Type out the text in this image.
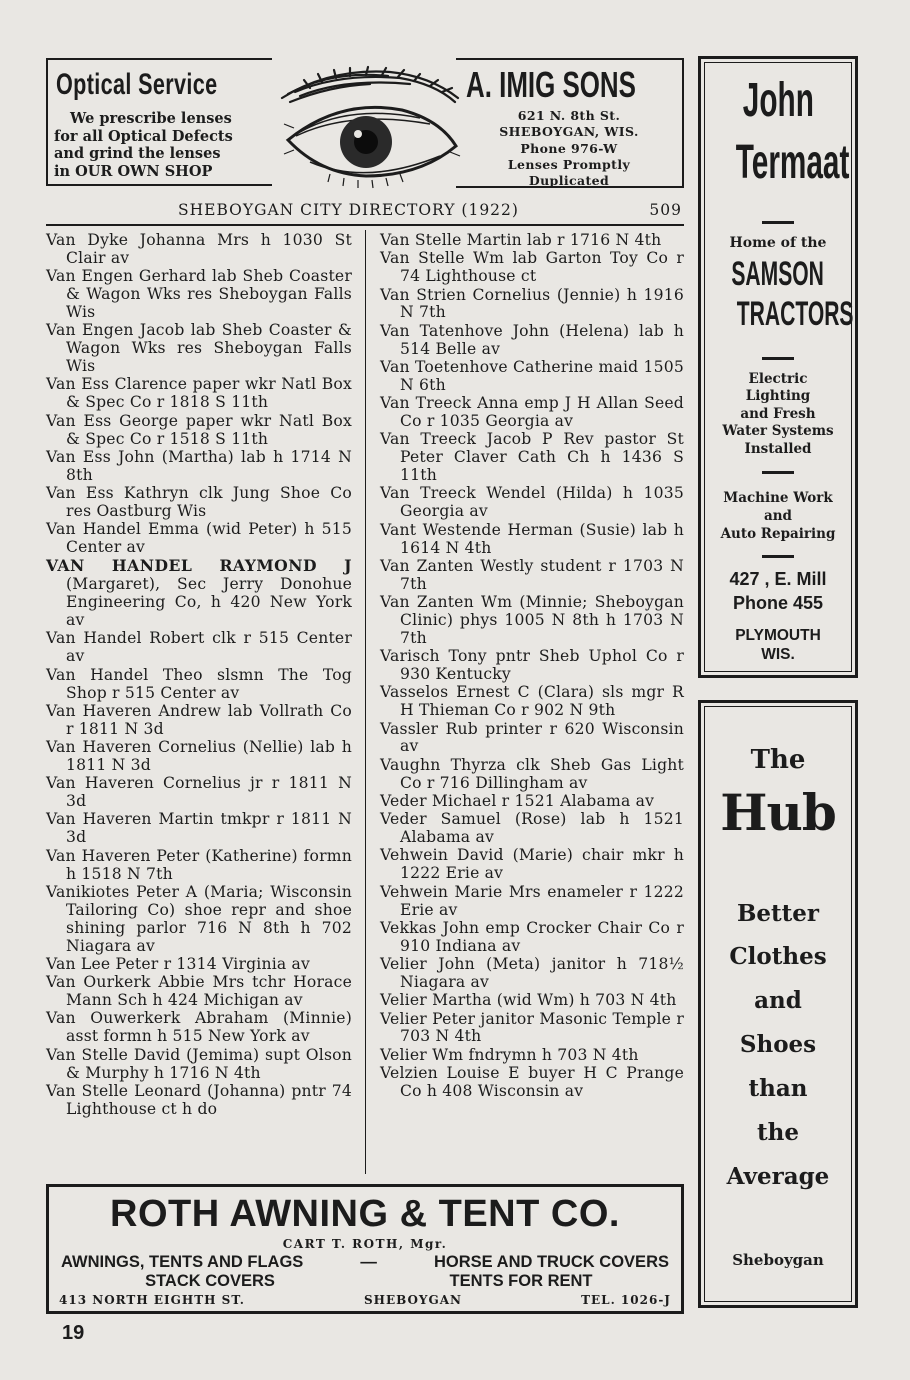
Optical Service
We prescribe lenses
for all Optical Defects
and grind the lenses
in OUR OWN SHOP
A. IMIG SONS
621 N. 8th St.
SHEBOYGAN, WIS.
Phone 976-W
Lenses Promptly
Duplicated
SHEBOYGAN CITY DIRECTORY (1922)	509
Van Dyke Johanna Mrs h 1030 St Clair av
Van Engen Gerhard lab Sheb Coaster & Wagon Wks res Sheboygan Falls Wis
Van Engen Jacob lab Sheb Coaster & Wagon Wks res Sheboygan Falls Wis
Van Ess Clarence paper wkr Natl Box & Spec Co r 1818 S 11th
Van Ess George paper wkr Natl Box & Spec Co r 1518 S 11th
Van Ess John (Martha) lab h 1714 N 8th
Van Ess Kathryn clk Jung Shoe Co res Oastburg Wis
Van Handel Emma (wid Peter) h 515 Center av
VAN HANDEL RAYMOND J (Margaret), Sec Jerry Donohue Engineering Co, h 420 New York av
Van Handel Robert clk r 515 Center av
Van Handel Theo slsmn The Tog Shop r 515 Center av
Van Haveren Andrew lab Vollrath Co r 1811 N 3d
Van Haveren Cornelius (Nellie) lab h 1811 N 3d
Van Haveren Cornelius jr r 1811 N 3d
Van Haveren Martin tmkpr r 1811 N 3d
Van Haveren Peter (Katherine) formn h 1518 N 7th
Vanikiotes Peter A (Maria; Wisconsin Tailoring Co) shoe repr and shoe shining parlor 716 N 8th h 702 Niagara av
Van Lee Peter r 1314 Virginia av
Van Ourkerk Abbie Mrs tchr Horace Mann Sch h 424 Michigan av
Van Ouwerkerk Abraham (Minnie) asst formn h 515 New York av
Van Stelle David (Jemima) supt Olson & Murphy h 1716 N 4th
Van Stelle Leonard (Johanna) pntr 74 Lighthouse ct h do
Van Stelle Martin lab r 1716 N 4th
Van Stelle Wm lab Garton Toy Co r 74 Lighthouse ct
Van Strien Cornelius (Jennie) h 1916 N 7th
Van Tatenhove John (Helena) lab h 514 Belle av
Van Toetenhove Catherine maid 1505 N 6th
Van Treeck Anna emp J H Allan Seed Co r 1035 Georgia av
Van Treeck Jacob P Rev pastor St Peter Claver Cath Ch h 1436 S 11th
Van Treeck Wendel (Hilda) h 1035 Georgia av
Vant Westende Herman (Susie) lab h 1614 N 4th
Van Zanten Westly student r 1703 N 7th
Van Zanten Wm (Minnie; Sheboygan Clinic) phys 1005 N 8th h 1703 N 7th
Varisch Tony pntr Sheb Uphol Co r 930 Kentucky
Vasselos Ernest C (Clara) sls mgr R H Thieman Co r 902 N 9th
Vassler Rub printer r 620 Wisconsin av
Vaughn Thyrza clk Sheb Gas Light Co r 716 Dillingham av
Veder Michael r 1521 Alabama av
Veder Samuel (Rose) lab h 1521 Alabama av
Vehwein David (Marie) chair mkr h 1222 Erie av
Vehwein Marie Mrs enameler r 1222 Erie av
Vekkas John emp Crocker Chair Co r 910 Indiana av
Velier John (Meta) janitor h 718½ Niagara av
Velier Martha (wid Wm) h 703 N 4th
Velier Peter janitor Masonic Temple r 703 N 4th
Velier Wm fndrymn h 703 N 4th
Velzien Louise E buyer H C Prange Co h 408 Wisconsin av
John
Termaat
Home of the
SAMSON
TRACTORS
Electric
Lighting
and Fresh
Water Systems
Installed
Machine Work
and
Auto Repairing
427 , E. Mill
Phone 455
PLYMOUTH
WIS.
The
Hub
Better
Clothes
and
Shoes
than
the
Average
Sheboygan
ROTH AWNING & TENT CO.
CART T. ROTH, Mgr.
AWNINGS, TENTS AND FLAGS	—	HORSE AND TRUCK COVERS
STACK COVERS	TENTS FOR RENT
413 NORTH EIGHTH ST.	SHEBOYGAN	TEL. 1026-J
19
